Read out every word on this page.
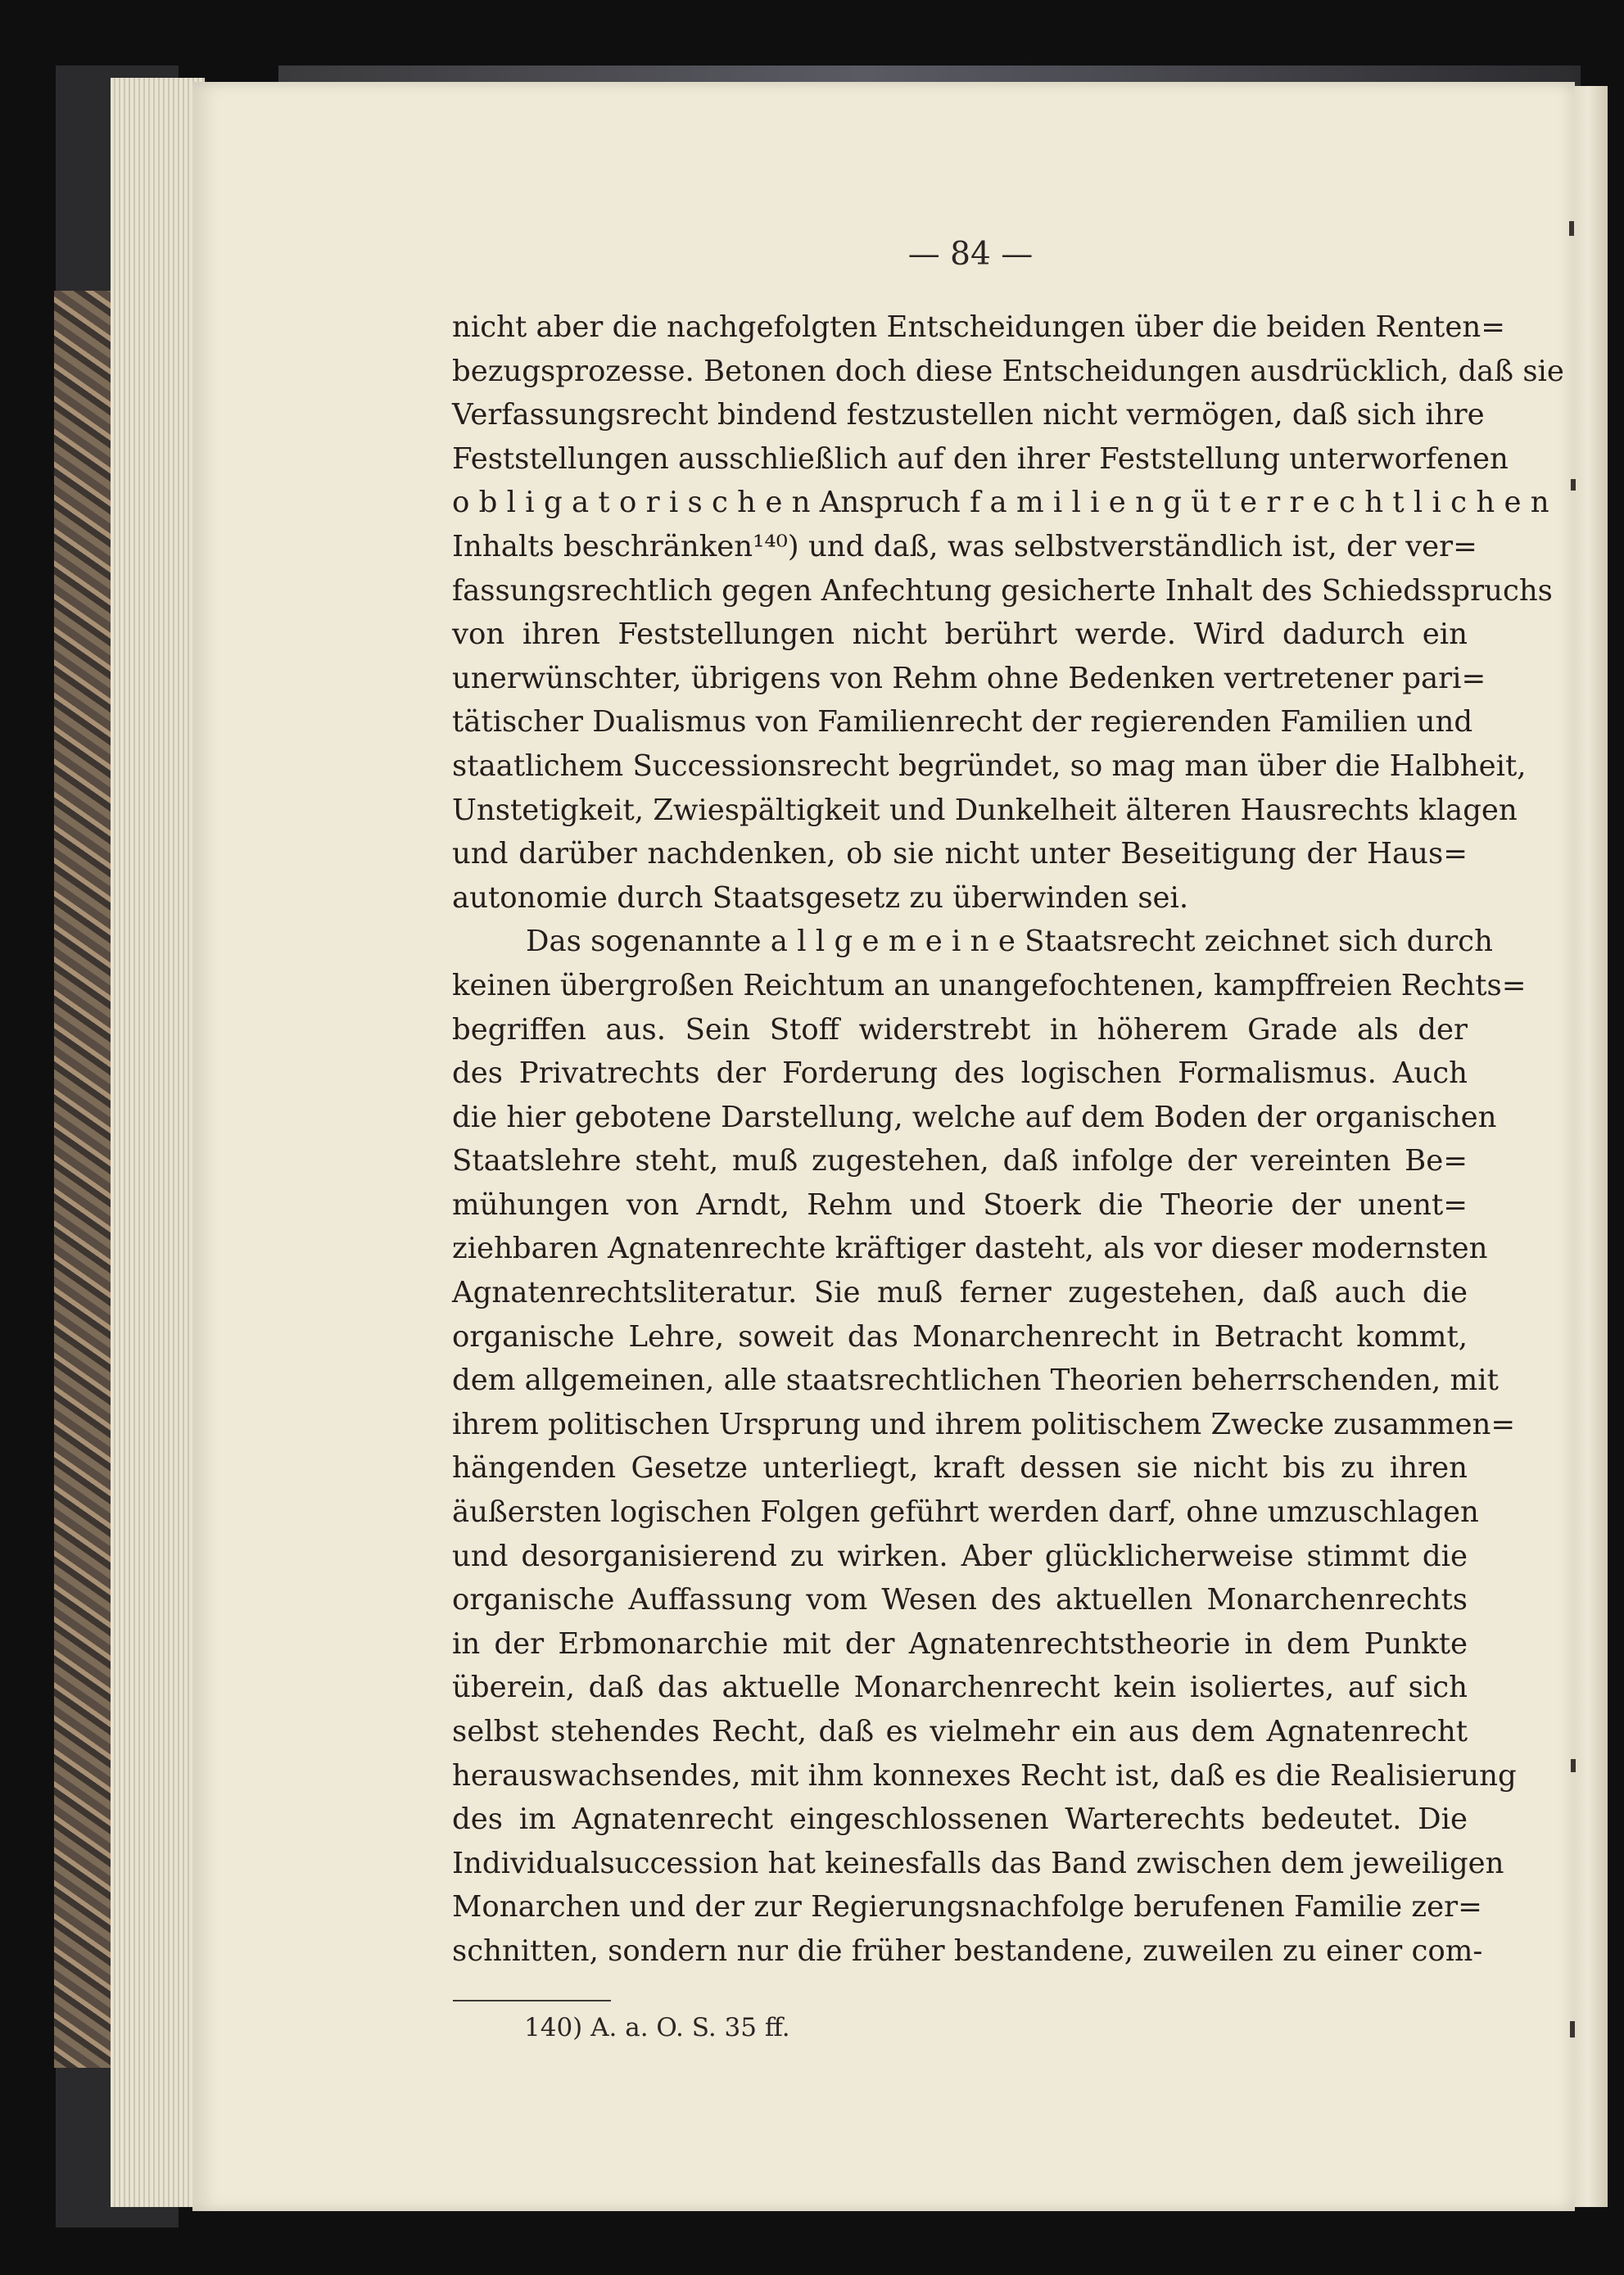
— 84 —
nicht aber die nachgefolgten Entscheidungen über die beiden Renten=
bezugsprozesse. Betonen doch diese Entscheidungen ausdrücklich, daß sie
Verfassungsrecht bindend festzustellen nicht vermögen, daß sich ihre
Feststellungen ausschließlich auf den ihrer Feststellung unterworfenen
o b l i g a t o r i s c h e n Anspruch f a m i l i e n g ü t e r r e c h t l i c h e n
Inhalts beschränken¹⁴⁰) und daß, was selbstverständlich ist, der ver=
fassungsrechtlich gegen Anfechtung gesicherte Inhalt des Schiedsspruchs
von ihren Feststellungen nicht berührt werde. Wird dadurch ein
unerwünschter, übrigens von Rehm ohne Bedenken vertretener pari=
tätischer Dualismus von Familienrecht der regierenden Familien und
staatlichem Successionsrecht begründet, so mag man über die Halbheit,
Unstetigkeit, Zwiespältigkeit und Dunkelheit älteren Hausrechts klagen
und darüber nachdenken, ob sie nicht unter Beseitigung der Haus=
autonomie durch Staatsgesetz zu überwinden sei.
Das sogenannte a l l g e m e i n e Staatsrecht zeichnet sich durch
keinen übergroßen Reichtum an unangefochtenen, kampffreien Rechts=
begriffen aus. Sein Stoff widerstrebt in höherem Grade als der
des Privatrechts der Forderung des logischen Formalismus. Auch
die hier gebotene Darstellung, welche auf dem Boden der organischen
Staatslehre steht, muß zugestehen, daß infolge der vereinten Be=
mühungen von Arndt, Rehm und Stoerk die Theorie der unent=
ziehbaren Agnatenrechte kräftiger dasteht, als vor dieser modernsten
Agnatenrechtsliteratur. Sie muß ferner zugestehen, daß auch die
organische Lehre, soweit das Monarchenrecht in Betracht kommt,
dem allgemeinen, alle staatsrechtlichen Theorien beherrschenden, mit
ihrem politischen Ursprung und ihrem politischem Zwecke zusammen=
hängenden Gesetze unterliegt, kraft dessen sie nicht bis zu ihren
äußersten logischen Folgen geführt werden darf, ohne umzuschlagen
und desorganisierend zu wirken. Aber glücklicherweise stimmt die
organische Auffassung vom Wesen des aktuellen Monarchenrechts
in der Erbmonarchie mit der Agnatenrechtstheorie in dem Punkte
überein, daß das aktuelle Monarchenrecht kein isoliertes, auf sich
selbst stehendes Recht, daß es vielmehr ein aus dem Agnatenrecht
herauswachsendes, mit ihm konnexes Recht ist, daß es die Realisierung
des im Agnatenrecht eingeschlossenen Warterechts bedeutet. Die
Individualsuccession hat keinesfalls das Band zwischen dem jeweiligen
Monarchen und der zur Regierungsnachfolge berufenen Familie zer=
schnitten, sondern nur die früher bestandene, zuweilen zu einer com-
140) A. a. O. S. 35 ff.
